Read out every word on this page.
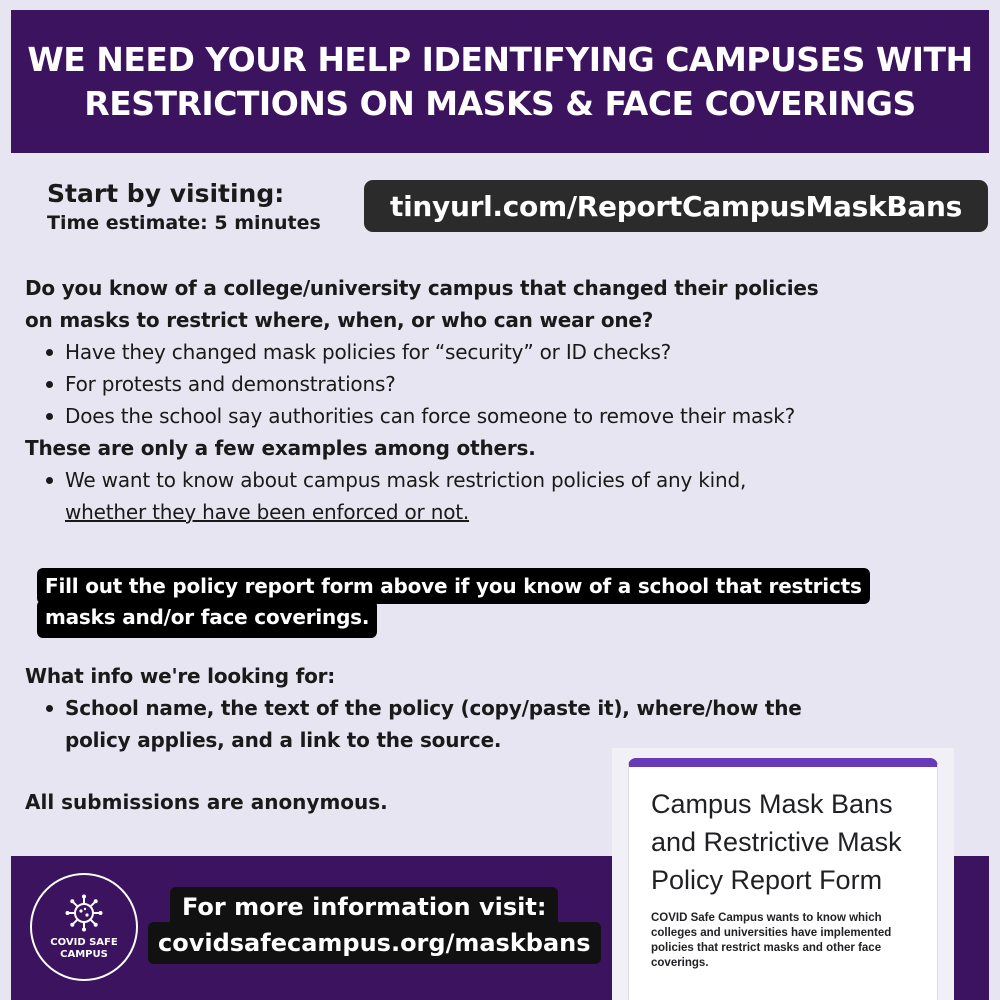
WE NEED YOUR HELP IDENTIFYING CAMPUSES WITH
RESTRICTIONS ON MASKS & FACE COVERINGS
Start by visiting:
Time estimate: 5 minutes
tinyurl.com/ReportCampusMaskBans
Do you know of a college/university campus that changed their policies
on masks to restrict where, when, or who can wear one?
Have they changed mask policies for “security” or ID checks?
For protests and demonstrations?
Does the school say authorities can force someone to remove their mask?
These are only a few examples among others.
We want to know about campus mask restriction policies of any kind,
whether they have been enforced or not.
Fill out the policy report form above if you know of a school that restricts
masks and/or face coverings.
What info we're looking for:
School name, the text of the policy (copy/paste it), where/how the
policy applies, and a link to the source.
All submissions are anonymous.
COVID SAFE
CAMPUS
For more information visit:
covidsafecampus.org/maskbans
Campus Mask Bans
and Restrictive Mask
Policy Report Form
COVID Safe Campus wants to know which colleges and universities have implemented policies that restrict masks and other face coverings.
